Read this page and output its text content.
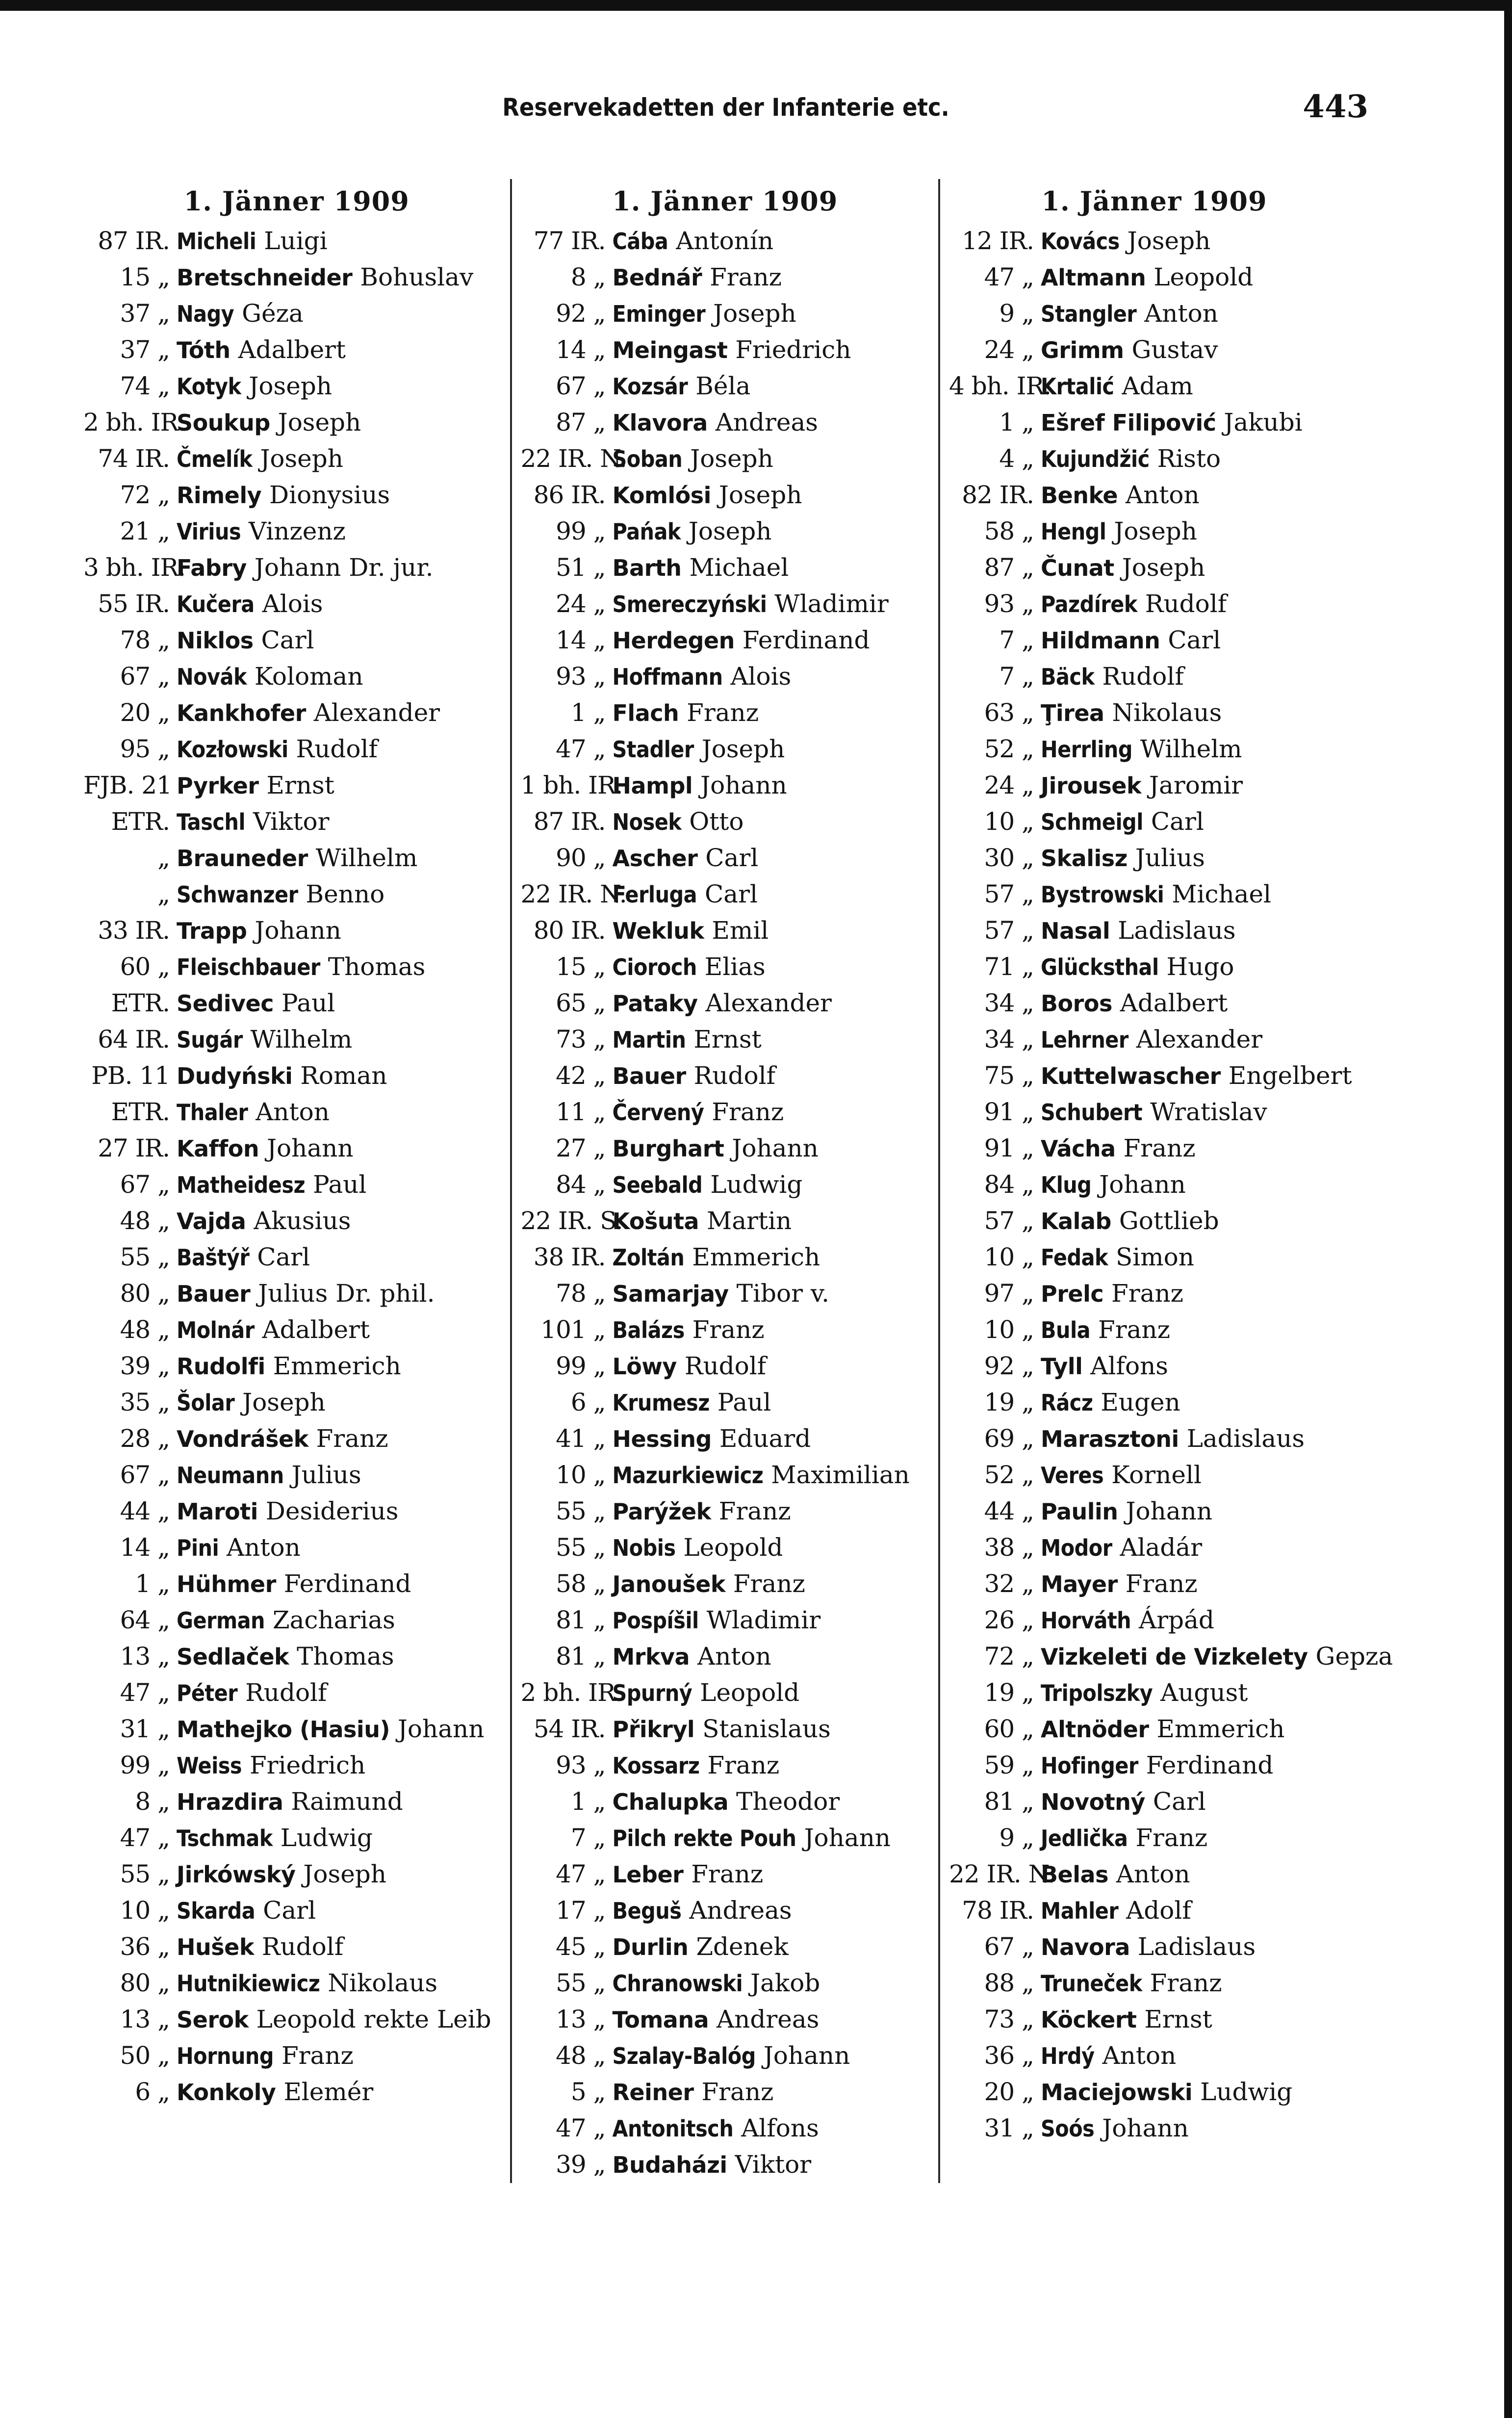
Reservekadetten der Infanterie etc.	443
1. Jänner 1909
87 IR. Micheli Luigi
15 „ Bretschneider Bohuslav
37 „ Nagy Géza
37 „ Tóth Adalbert
74 „ Kotyk Joseph
2 bh. IR.
Soukup Joseph
74 IR. Čmelík Joseph
72 „ Rimely Dionysius
21 „ Virius Vinzenz
3 bh. IR.
Fabry Johann Dr. jur.
55 IR. Kučera Alois
78 „ Niklos Carl
67 „ Novák Koloman
20 „ Kankhofer Alexander
95 „ Kozłowski Rudolf
FJB. 21 Pyrker Ernst
ETR. Taschl Viktor
„ Brauneder Wilhelm
„ Schwanzer Benno
33 IR. Trapp Johann
60 „ Fleischbauer Thomas
ETR. Sedivec Paul
64 IR. Sugár Wilhelm
PB. 11 Dudyński Roman
ETR. Thaler Anton
27 IR. Kaffon Johann
67 „ Matheidesz Paul
48 „ Vajda Akusius
55 „ Baštýř Carl
80 „ Bauer Julius Dr. phil.
48 „ Molnár Adalbert
39 „ Rudolfi Emmerich
35 „ Šolar Joseph
28 „ Vondrášek Franz
67 „ Neumann Julius
44 „ Maroti Desiderius
14 „ Pini Anton
1 „ Hühmer Ferdinand
64 „ German Zacharias
13 „ Sedlaček Thomas
47 „ Péter Rudolf
31 „ Mathejko (Hasiu) Johann
99 „ Weiss Friedrich
8 „ Hrazdira Raimund
47 „ Tschmak Ludwig
55 „ Jirkówský Joseph
10 „ Skarda Carl
36 „ Hušek Rudolf
80 „ Hutnikiewicz Nikolaus
13 „ Serok Leopold rekte Leib
50 „ Hornung Franz
6 „ Konkoly Elemér
1. Jänner 1909
77 IR. Cába Antonín
8 „ Bednář Franz
92 „ Eminger Joseph
14 „ Meingast Friedrich
67 „ Kozsár Béla
87 „ Klavora Andreas
22 IR. N.
Soban Joseph
86 IR. Komlósi Joseph
99 „ Pańak Joseph
51 „ Barth Michael
24 „ Smereczyński Wladimir
14 „ Herdegen Ferdinand
93 „ Hoffmann Alois
1 „ Flach Franz
47 „ Stadler Joseph
1 bh. IR.
Hampl Johann
87 IR. Nosek Otto
90 „ Ascher Carl
22 IR. N.
Ferluga Carl
80 IR. Wekluk Emil
15 „ Cioroch Elias
65 „ Pataky Alexander
73 „ Martin Ernst
42 „ Bauer Rudolf
11 „ Červený Franz
27 „ Burghart Johann
84 „ Seebald Ludwig
22 IR. S.
Košuta Martin
38 IR. Zoltán Emmerich
78 „ Samarjay Tibor v.
101 „ Balázs Franz
99 „ Löwy Rudolf
6 „ Krumesz Paul
41 „ Hessing Eduard
10 „ Mazurkiewicz Maximilian
55 „ Parýžek Franz
55 „ Nobis Leopold
58 „ Janoušek Franz
81 „ Pospíšil Wladimir
81 „ Mrkva Anton
2 bh. IR.
Spurný Leopold
54 IR. Přikryl Stanislaus
93 „ Kossarz Franz
1 „ Chalupka Theodor
7 „ Pilch rekte Pouh Johann
47 „ Leber Franz
17 „ Beguš Andreas
45 „ Durlin Zdenek
55 „ Chranowski Jakob
13 „ Tomana Andreas
48 „ Szalay-Balóg Johann
5 „ Reiner Franz
47 „ Antonitsch Alfons
39 „ Budaházi Viktor
1. Jänner 1909
12 IR. Kovács Joseph
47 „ Altmann Leopold
9 „ Stangler Anton
24 „ Grimm Gustav
4 bh. IR.
Krtalić Adam
1 „ Ešref Filipović Jakubi
4 „ Kujundžić Risto
82 IR. Benke Anton
58 „ Hengl Joseph
87 „ Čunat Joseph
93 „ Pazdírek Rudolf
7 „ Hildmann Carl
7 „ Bäck Rudolf
63 „ Ţirea Nikolaus
52 „ Herrling Wilhelm
24 „ Jirousek Jaromir
10 „ Schmeigl Carl
30 „ Skalisz Julius
57 „ Bystrowski Michael
57 „ Nasal Ladislaus
71 „ Glücksthal Hugo
34 „ Boros Adalbert
34 „ Lehrner Alexander
75 „ Kuttelwascher Engelbert
91 „ Schubert Wratislav
91 „ Vácha Franz
84 „ Klug Johann
57 „ Kalab Gottlieb
10 „ Fedak Simon
97 „ Prelc Franz
10 „ Bula Franz
92 „ Tyll Alfons
19 „ Rácz Eugen
69 „ Marasztoni Ladislaus
52 „ Veres Kornell
44 „ Paulin Johann
38 „ Modor Aladár
32 „ Mayer Franz
26 „ Horváth Árpád
72 „ Vizkeleti de Vizkelety Gepza
19 „ Tripolszky August
60 „ Altnöder Emmerich
59 „ Hofinger Ferdinand
81 „ Novotný Carl
9 „ Jedlička Franz
22 IR. N.
Belas Anton
78 IR. Mahler Adolf
67 „ Navora Ladislaus
88 „ Truneček Franz
73 „ Köckert Ernst
36 „ Hrdý Anton
20 „ Maciejowski Ludwig
31 „ Soós Johann
